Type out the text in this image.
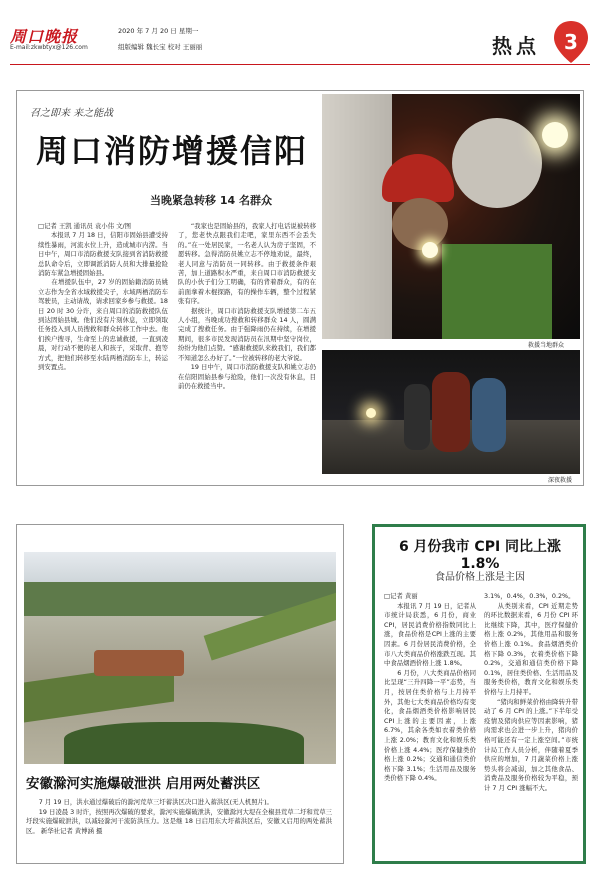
周口晚报
E-mail:zkwbtyx@126.com
2020 年 7 月 20 日 星期一
组版编辑 魏长宝 校对 王丽丽	热点	3
召之即来 来之能战
周口消防增援信阳
当晚紧急转移 14 名群众
救援当地群众
深夜救援
□记者 王凯 通讯员 袁小伟 文/图
　　本报讯 7 月 18 日，信阳市固始县遭受持续性暴雨，河流水位上升，造成城市内涝。当日中午，周口市消防救援支队接到省消防救援总队命令后，立即调派消防人员和大排量抢险消防车紧急增援固始县。
　　在增援队伍中，27 岁的固始籍消防员姚立志作为全省水域救援尖子，水域两栖消防车驾驶员，主动请战，请求回家乡参与救援。18 日 20 时 30 分许，来自周口的消防救援队伍到达固始县城。他们没有片刻休息，立即领取任务投入到人员搜救和群众转移工作中去。他们挨户搜寻，生命至上的忠诚救援，一直到凌晨，对行动不便的老人和孩子，采取背、抱等方式，把他们转移至水陆两栖消防车上，转运到安置点。
　　“我家也是固始县的，我家人打电话说被转移了，您老快点跟我们走吧，家里东西不会丢失的。”在一处居民家，一名老人认为房子坚固，不愿转移。急得消防员姚立志不停地劝说，最终，老人同意与消防员一同转移。由于救援条件艰苦，加上道路积水严重，来自周口市消防救援支队的小伙子们分工明确，有的背着群众，有的在前面拿着木棍探路，有的操作车辆，整个过程紧张有序。
　　据统计，周口市消防救援支队增援第二车五人小组，当晚成功搜救和转移群众 14 人，圆满完成了搜救任务。由于强降雨仍在持续，在增援期间，很多市民发现消防员在汛期中坚守岗位，纷纷为他们点赞。“感谢救援队来救我们，我们都不知道怎么办好了。”一位被转移的老大爷说。
　　19 日中午，周口市消防救援支队和姚立志仍在信阳固始县参与抢险，他们一次没有休息，目前仍在救援当中。
安徽滁河实施爆破泄洪 启用两处蓄洪区
　　7 月 19 日，洪水通过爆破后的滁河荒草三圩蓄洪区决口进入蓄洪区(无人机照片)。
　　19 日凌晨 3 时许，按照再次爆破的要求，滁河实施爆破泄洪，安徽滁河大堤在全椒县荒草二圩和荒草三圩段实施爆破泄洪，以减轻滁河干流防洪压力。这是继 18 日启用东大圩蓄洪区后，安徽又启用的两处蓄洪区。 新华社记者 黄博涵 摄
6 月份我市 CPI 同比上涨 1.8%
食品价格上涨是主因
□记者 黄丽
　　本报讯 7 月 19 日，记者从市统计局获悉，6 月份，商业CPI，居民消费价格指数同比上涨，食品价格是CPI上涨的主要因素。6 月份居民消费价格，全市八大类商品价格涨跌互现。其中食品烟酒价格上涨 1.8%。
　　6 月份，八大类商品价格同比呈现“三升四降一平”态势，当月，按居住类价格与上月持平外，其他七大类商品价格均有变化，食品烟酒类价格影响居民CPI上涨的主要因素，上涨 6.7%，其余各类如衣着类价格上涨 2.0%；教育文化和娱乐类价格上涨 4.4%；医疗保健类价格上涨 0.2%；交通和通信类价格下降 3.1%；生活用品及服务类价格下降 0.4%。
3.1%，0.4%，0.3%，0.2%。
　　从类别来看，CPI 近期走势的环比数据来看，6 月份 CPI 环比继续下降，其中，医疗保健价格上涨 0.2%，其他用品和服务价格上涨 0.1%。食品烟酒类价格下降 0.3%，衣着类价格下降 0.2%，交通和通信类价格下降 0.1%，居住类价格、生活用品及服务类价格，教育文化和娱乐类价格与上月持平。
　　“猪肉和鲜菜价格由降转升带动了 6 月 CPI 的上涨。”下半年受疫情及猪肉供应等因素影响，猪肉需求也会进一步上升，猪肉价格可能还有一定上涨空间。”市统计局工作人员分析，伴随着夏季供应的增加，7 月蔬菜价格上涨势头将会减弱，加之其他食品、消费品及服务价格较为平稳，预计 7 月 CPI 涨幅不大。
